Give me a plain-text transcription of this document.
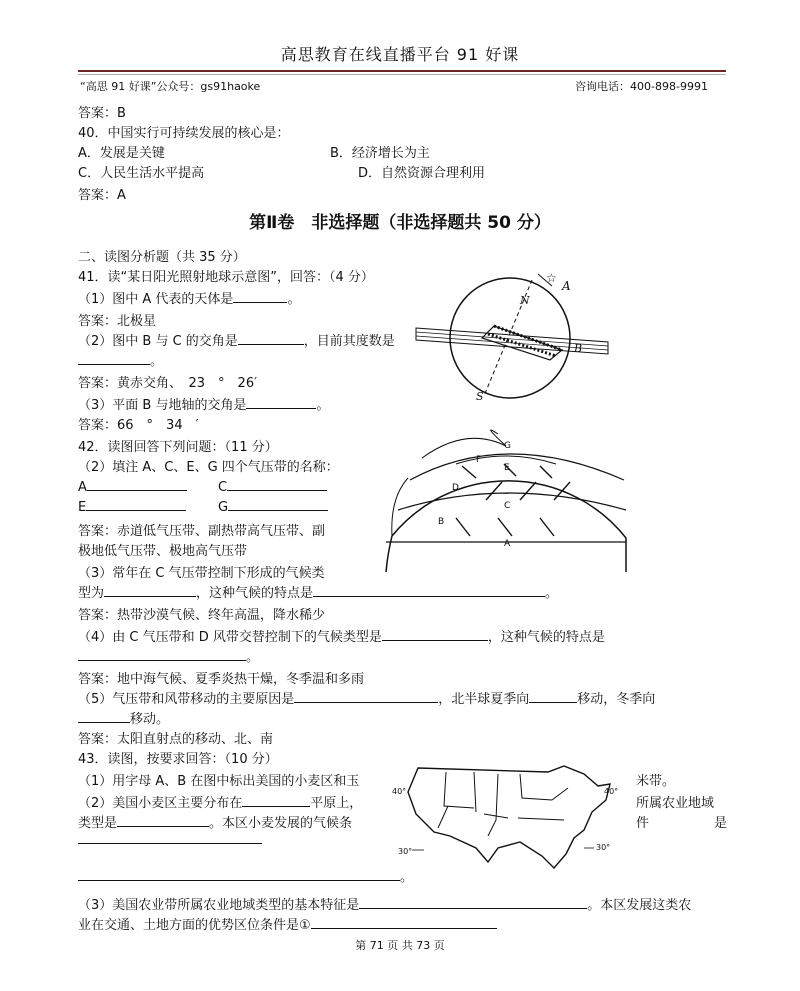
高思教育在线直播平台 91 好课
“高思 91 好课”公众号：gs91haoke	咨询电话：400-898-9991
答案：B
40．中国实行可持续发展的核心是：
A．发展是关键	B．经济增长为主
C．人民生活水平提高	D．自然资源合理利用
答案：A
第Ⅱ卷　非选择题（非选择题共 50 分）
二、读图分析题（共 35 分）
41．读“某日阳光照射地球示意图”，回答：（4 分）
（1）图中 A 代表的天体是	。
答案：北极星
（2）图中 B 与 C 的交角是	，目前其度数是
。
答案：黄赤交角、　23　°　26′
（3）平面 B 与地轴的交角是	。
答案：66　°　34　′
☆
A
N
B
S
42．读图回答下列问题：（11 分）
（2）填注 A、C、E、G 四个气压带的名称：
A	C
E	G
答案：赤道低气压带、副热带高气压带、副
极地低气压带、极地高气压带
（3）常年在 C 气压带控制下形成的气候类
型为	，这种气候的特点是	。
答案：热带沙漠气候、终年高温，降水稀少
（4）由 C 气压带和 D 风带交替控制下的气候类型是	，这种气候的特点是
。
答案：地中海气候、夏季炎热干燥，冬季温和多雨
（5）气压带和风带移动的主要原因是	，北半球夏季向	移动，冬季向
移动。
答案：太阳直射点的移动、北、南
G
F
E
D
C
B
A
43．读图，按要求回答：（10 分）
（1）用字母 A、B 在图中标出美国的小麦区和玉	米带。
（2）美国小麦区主要分布在	平原上，	所属农业地域
类型是	。本区小麦发展的气候条	件	是
。
（3）美国农业带所属农业地域类型的基本特征是	。本区发展这类农
业在交通、土地方面的优势区位条件是①
40°	40°
30°	30°
第 71 页 共 73 页
